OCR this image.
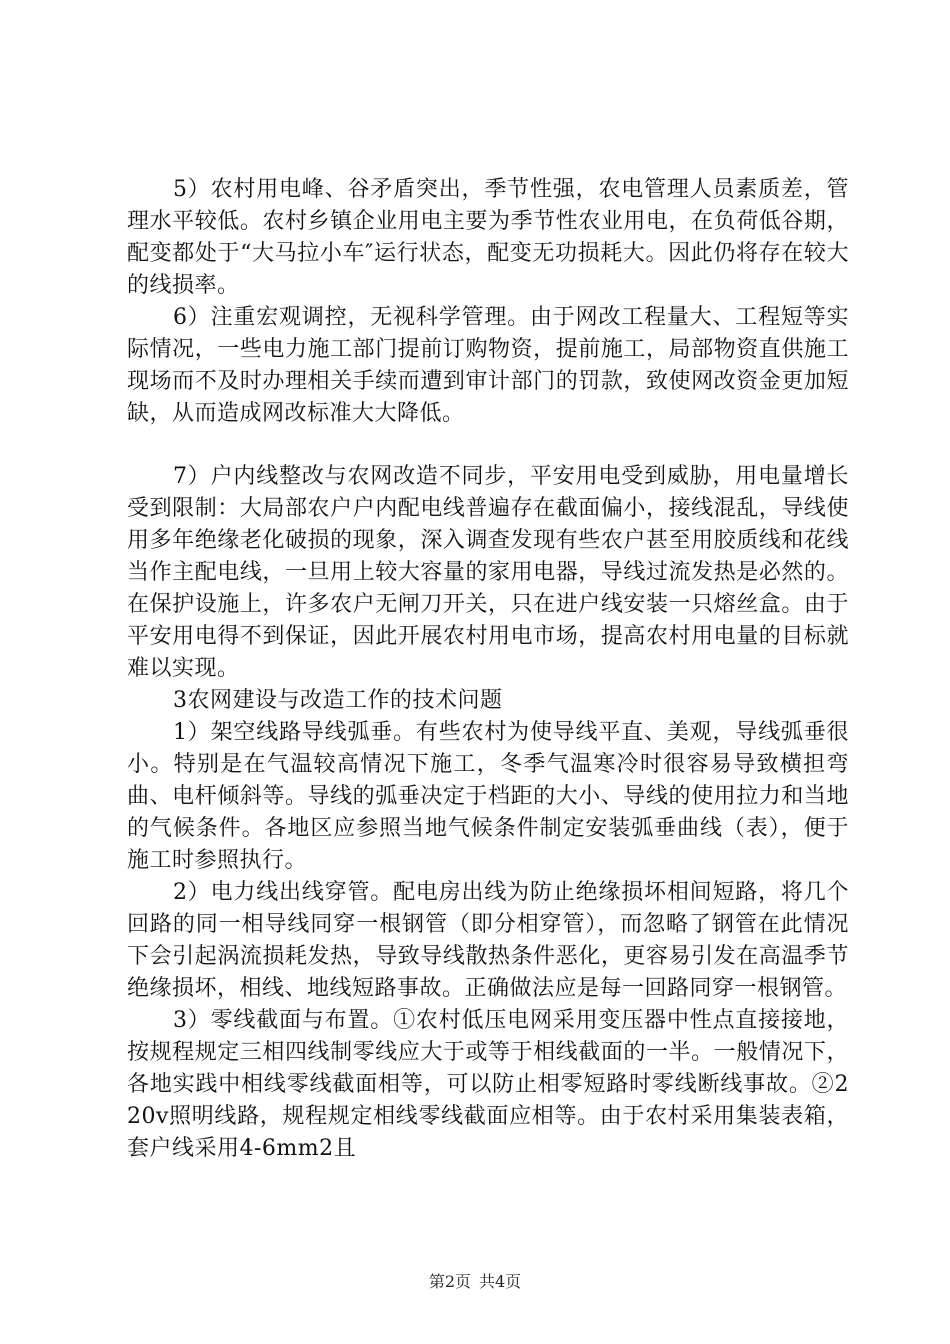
5）农村用电峰、谷矛盾突出，季节性强，农电管理人员素质差，管理水平较低。农村乡镇企业用电主要为季节性农业用电，在负荷低谷期，配变都处于“大马拉小车″运行状态，配变无功损耗大。因此仍将存在较大的线损率。

6）注重宏观调控，无视科学管理。由于网改工程量大、工程短等实际情况，一些电力施工部门提前订购物资，提前施工，局部物资直供施工现场而不及时办理相关手续而遭到审计部门的罚款，致使网改资金更加短缺，从而造成网改标准大大降低。

7）户内线整改与农网改造不同步，平安用电受到威胁，用电量增长受到限制：大局部农户户内配电线普遍存在截面偏小，接线混乱，导线使用多年绝缘老化破损的现象，深入调查发现有些农户甚至用胶质线和花线当作主配电线，一旦用上较大容量的家用电器，导线过流发热是必然的。在保护设施上，许多农户无闸刀开关，只在进户线安装一只熔丝盒。由于平安用电得不到保证，因此开展农村用电市场，提高农村用电量的目标就难以实现。

3农网建设与改造工作的技术问题

1）架空线路导线弧垂。有些农村为使导线平直、美观，导线弧垂很小。特别是在气温较高情况下施工，冬季气温寒冷时很容易导致横担弯曲、电杆倾斜等。导线的弧垂决定于档距的大小、导线的使用拉力和当地的气候条件。各地区应参照当地气候条件制定安装弧垂曲线（表），便于施工时参照执行。

2）电力线出线穿管。配电房出线为防止绝缘损坏相间短路，将几个回路的同一相导线同穿一根钢管（即分相穿管），而忽略了钢管在此情况下会引起涡流损耗发热，导致导线散热条件恶化，更容易引发在高温季节绝缘损坏，相线、地线短路事故。正确做法应是每一回路同穿一根钢管。

3）零线截面与布置。①农村低压电网采用变压器中性点直接接地，按规程规定三相四线制零线应大于或等于相线截面的一半。一般情况下，各地实践中相线零线截面相等，可以防止相零短路时零线断线事故。②220v照明线路，规程规定相线零线截面应相等。由于农村采用集装表箱，套户线采用4-6mm2且

第2页 共4页
